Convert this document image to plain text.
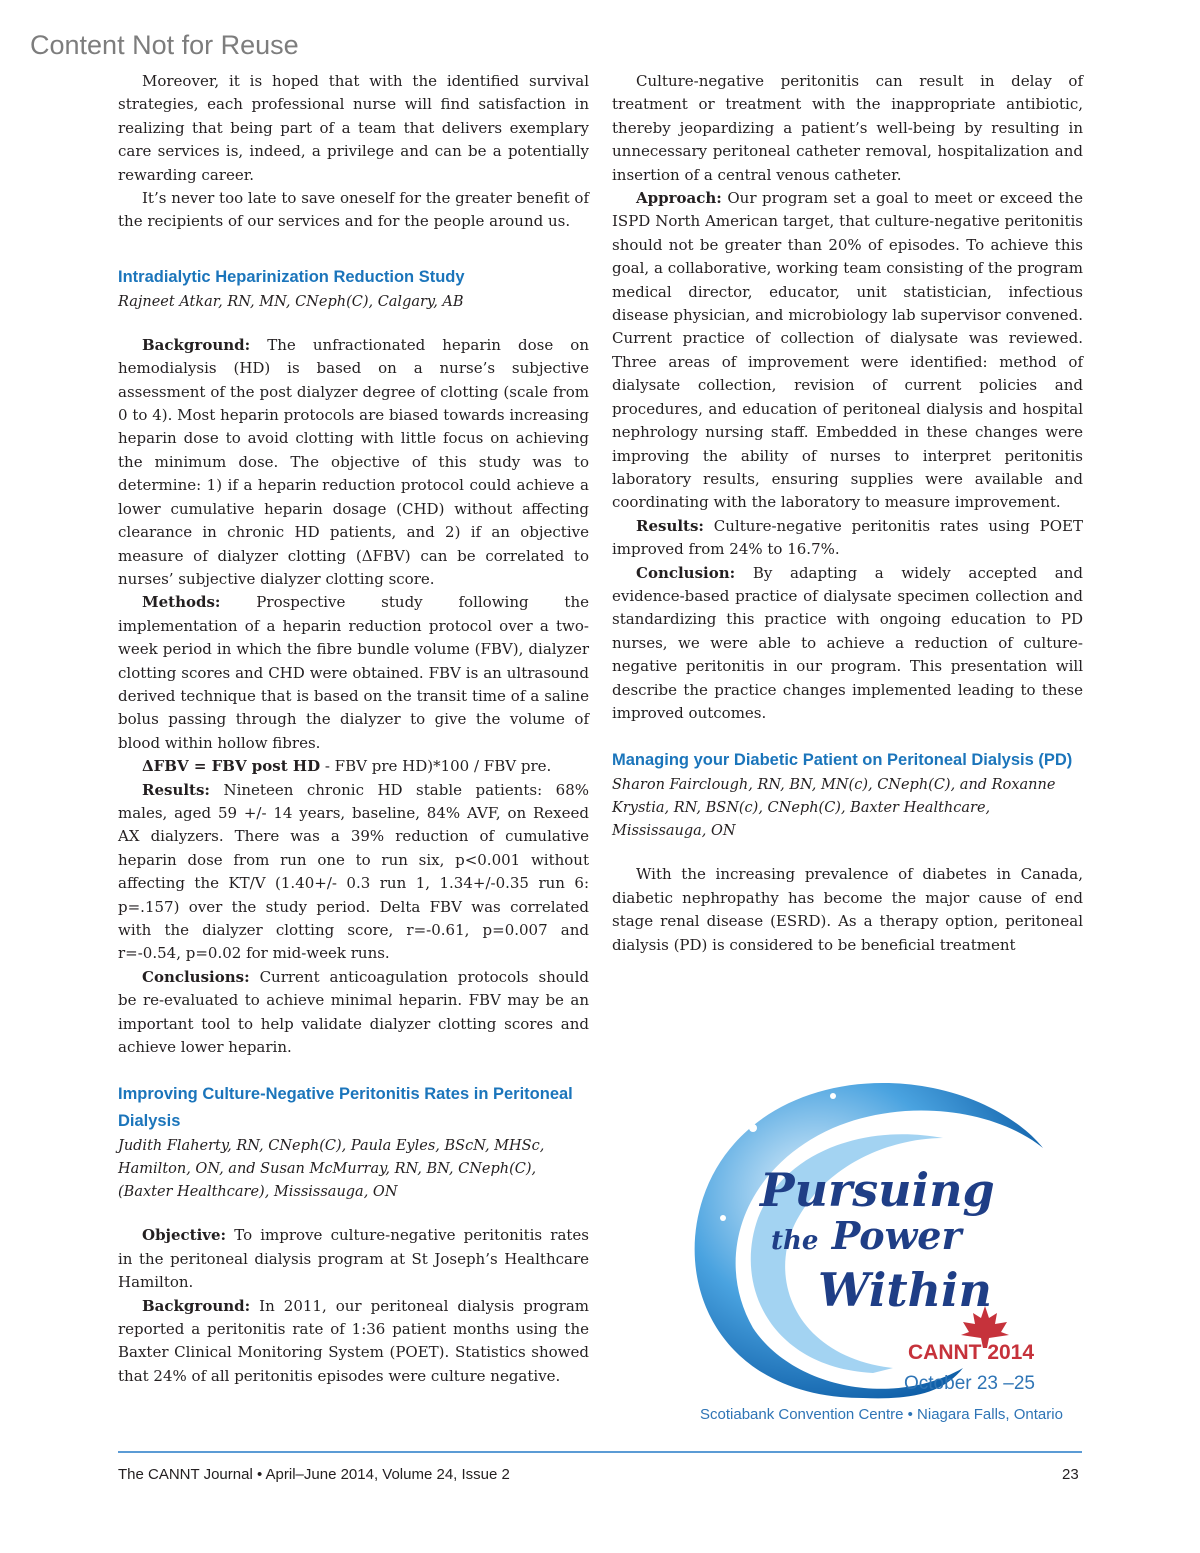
Content Not for Reuse

Moreover, it is hoped that with the identified survival strategies, each professional nurse will find satisfaction in realizing that being part of a team that delivers exemplary care services is, indeed, a privilege and can be a potentially rewarding career.

It’s never too late to save oneself for the greater benefit of the recipients of our services and for the people around us.

Intradialytic Heparinization Reduction Study
Rajneet Atkar, RN, MN, CNeph(C), Calgary, AB

Background: The unfractionated heparin dose on hemodialysis (HD) is based on a nurse’s subjective assessment of the post dialyzer degree of clotting (scale from 0 to 4). Most heparin protocols are biased towards increasing heparin dose to avoid clotting with little focus on achieving the minimum dose. The objective of this study was to determine: 1) if a heparin reduction protocol could achieve a lower cumulative heparin dosage (CHD) without affecting clearance in chronic HD patients, and 2) if an objective measure of dialyzer clotting (ΔFBV) can be correlated to nurses’ subjective dialyzer clotting score.

Methods: Prospective study following the implementation of a heparin reduction protocol over a two-week period in which the fibre bundle volume (FBV), dialyzer clotting scores and CHD were obtained. FBV is an ultrasound derived technique that is based on the transit time of a saline bolus passing through the dialyzer to give the volume of blood within hollow fibres.

ΔFBV = FBV post HD - FBV pre HD)*100 / FBV pre.

Results: Nineteen chronic HD stable patients: 68% males, aged 59 +/- 14 years, baseline, 84% AVF, on Rexeed AX dialyzers. There was a 39% reduction of cumulative heparin dose from run one to run six, p<0.001 without affecting the KT/V (1.40+/- 0.3 run 1, 1.34+/-0.35 run 6: p=.157) over the study period. Delta FBV was correlated with the dialyzer clotting score, r=-0.61, p=0.007 and r=-0.54, p=0.02 for mid-week runs.

Conclusions: Current anticoagulation protocols should be re-evaluated to achieve minimal heparin. FBV may be an important tool to help validate dialyzer clotting scores and achieve lower heparin.

Improving Culture-Negative Peritonitis Rates in Peritoneal Dialysis
Judith Flaherty, RN, CNeph(C), Paula Eyles, BScN, MHSc, Hamilton, ON, and Susan McMurray, RN, BN, CNeph(C), (Baxter Healthcare), Mississauga, ON

Objective: To improve culture-negative peritonitis rates in the peritoneal dialysis program at St Joseph’s Healthcare Hamilton.

Background: In 2011, our peritoneal dialysis program reported a peritonitis rate of 1:36 patient months using the Baxter Clinical Monitoring System (POET). Statistics showed that 24% of all peritonitis episodes were culture negative.

Culture-negative peritonitis can result in delay of treatment or treatment with the inappropriate antibiotic, thereby jeopardizing a patient’s well-being by resulting in unnecessary peritoneal catheter removal, hospitalization and insertion of a central venous catheter.

Approach: Our program set a goal to meet or exceed the ISPD North American target, that culture-negative peritonitis should not be greater than 20% of episodes. To achieve this goal, a collaborative, working team consisting of the program medical director, educator, unit statistician, infectious disease physician, and microbiology lab supervisor convened. Current practice of collection of dialysate was reviewed. Three areas of improvement were identified: method of dialysate collection, revision of current policies and procedures, and education of peritoneal dialysis and hospital nephrology nursing staff. Embedded in these changes were improving the ability of nurses to interpret peritonitis laboratory results, ensuring supplies were available and coordinating with the laboratory to measure improvement.

Results: Culture-negative peritonitis rates using POET improved from 24% to 16.7%.

Conclusion: By adapting a widely accepted and evidence-based practice of dialysate specimen collection and standardizing this practice with ongoing education to PD nurses, we were able to achieve a reduction of culture-negative peritonitis in our program. This presentation will describe the practice changes implemented leading to these improved outcomes.

Managing your Diabetic Patient on Peritoneal Dialysis (PD)
Sharon Fairclough, RN, BN, MN(c), CNeph(C), and Roxanne Krystia, RN, BSN(c), CNeph(C), Baxter Healthcare, Mississauga, ON

With the increasing prevalence of diabetes in Canada, diabetic nephropathy has become the major cause of end stage renal disease (ESRD). As a therapy option, peritoneal dialysis (PD) is considered to be beneficial treatment

Pursuing
the Power
Within
CANNT 2014
October 23 –25
Scotiabank Convention Centre • Niagara Falls, Ontario
The CANNT Journal • April–June 2014, Volume 24, Issue 2	23
